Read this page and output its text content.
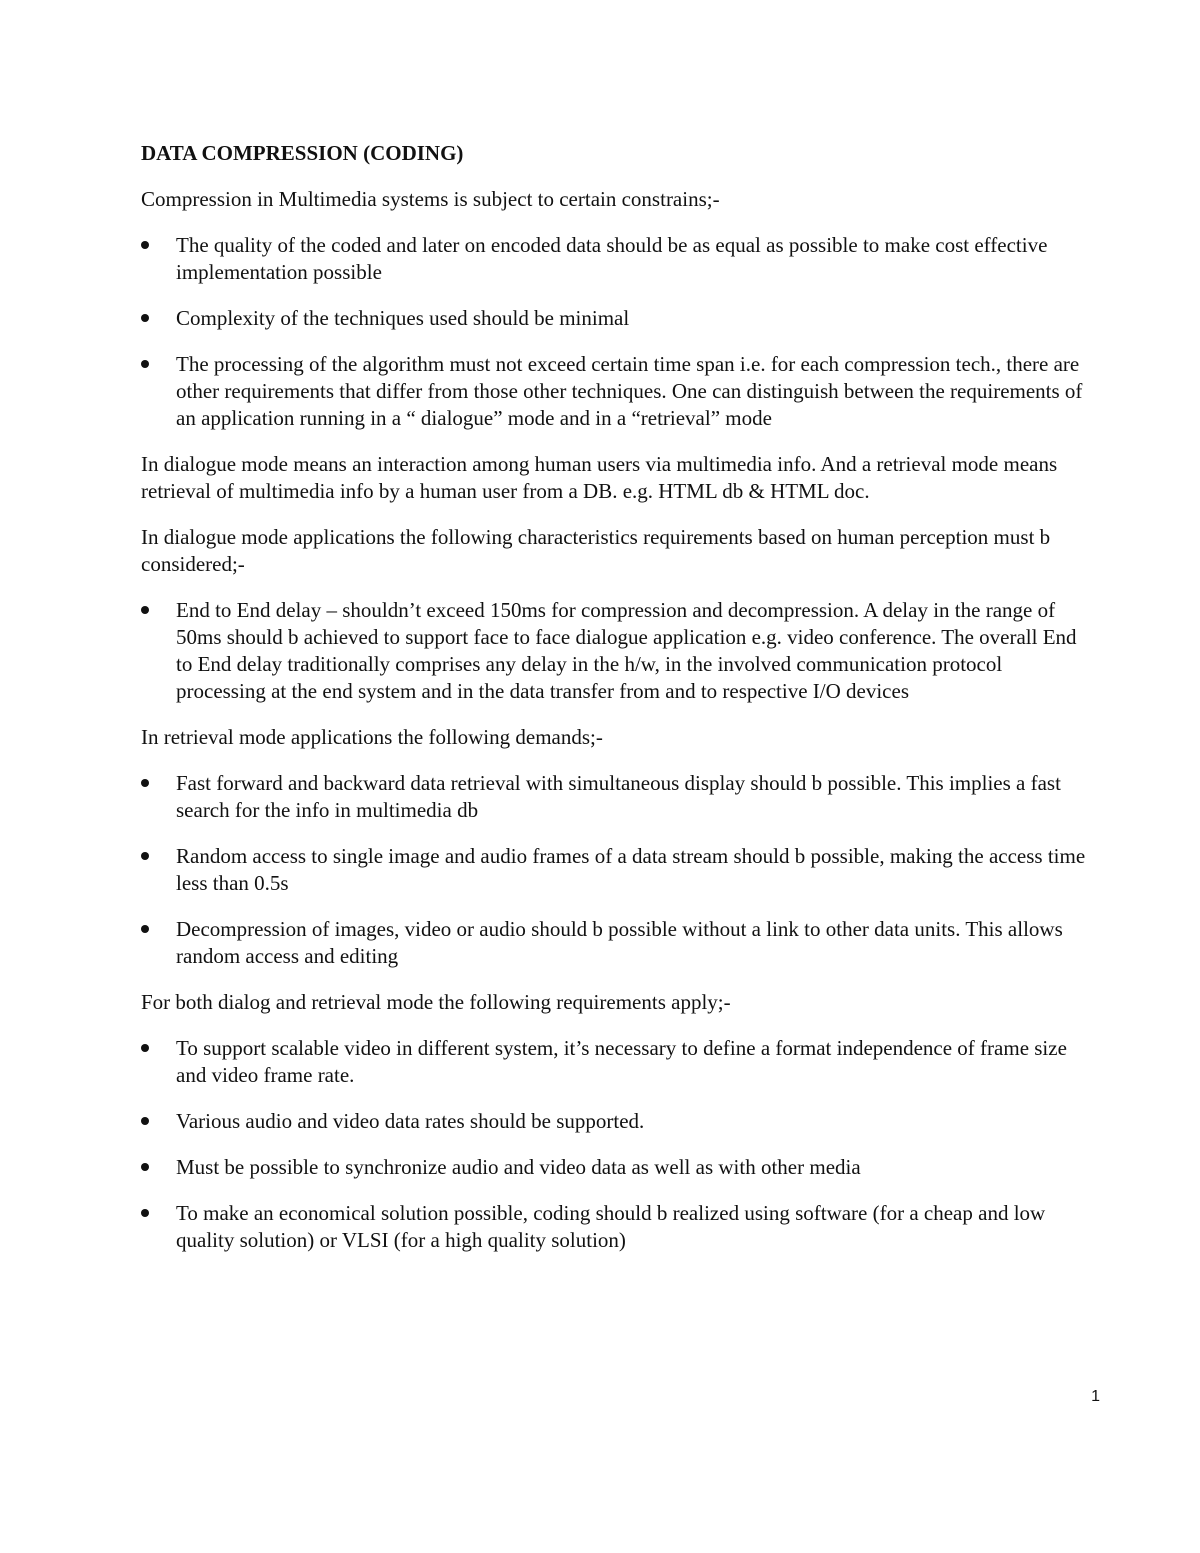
DATA COMPRESSION (CODING)
Compression in Multimedia systems is subject to certain constrains;-
The quality of the coded and later on encoded data should be as equal as possible to make cost effective implementation possible
Complexity of the techniques used should be minimal
The processing of the algorithm must not exceed certain time span i.e. for each compression tech., there are other requirements that differ from those other techniques. One can distinguish between the requirements of an application running in a “ dialogue” mode and in a “retrieval” mode
In dialogue mode means an interaction among human users via multimedia info. And a retrieval mode means retrieval of multimedia info by a human user from a DB. e.g. HTML db & HTML doc.
In dialogue mode applications the following characteristics requirements based on human perception must b considered;-
End to End delay – shouldn’t exceed 150ms for compression and decompression. A delay in the range of 50ms should b achieved to support face to face dialogue application e.g. video conference. The overall End to End delay traditionally comprises any delay in the h/w, in the involved communication protocol processing at the end system and in the data transfer from and to respective I/O devices
In retrieval mode applications the following demands;-
Fast forward and backward data retrieval with simultaneous display should b possible. This implies a fast search for the info in multimedia db
Random access to single image and audio frames of a data stream should b possible, making the access time less than 0.5s
Decompression of images, video or audio should b possible without a link to other data units. This allows random access and editing
For both dialog and retrieval mode the following requirements apply;-
To support scalable video in different system, it’s necessary to define a format independence of frame size and video frame rate.
Various audio and video data rates should be supported.
Must be possible to synchronize audio and video data as well as with other media
To make an economical solution possible, coding should b realized using software (for a cheap and low quality solution) or VLSI (for a high quality solution)
1
